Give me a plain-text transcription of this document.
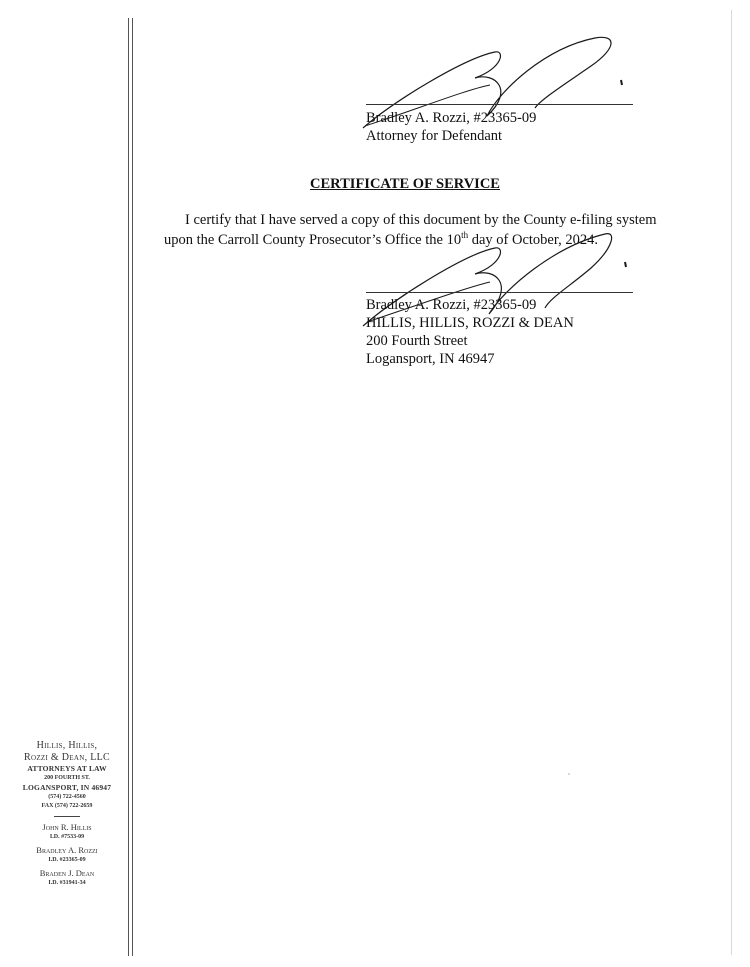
Bradley A. Rozzi, #23365-09
Attorney for Defendant
CERTIFICATE OF SERVICE
I certify that I have served a copy of this document by the County e-filing system upon the Carroll County Prosecutor’s Office the 10th day of October, 2024.
Bradley A. Rozzi, #23365-09
HILLIS, HILLIS, ROZZI & DEAN
200 Fourth Street
Logansport, IN 46947
Hillis, Hillis,
Rozzi & Dean, LLC
ATTORNEYS AT LAW
200 FOURTH ST.
LOGANSPORT, IN 46947
(574) 722-4560
FAX (574) 722-2659
John R. Hillis
I.D. #7533-09
Bradley A. Rozzi
I.D. #23365-09
Braden J. Dean
I.D. #31941-34
